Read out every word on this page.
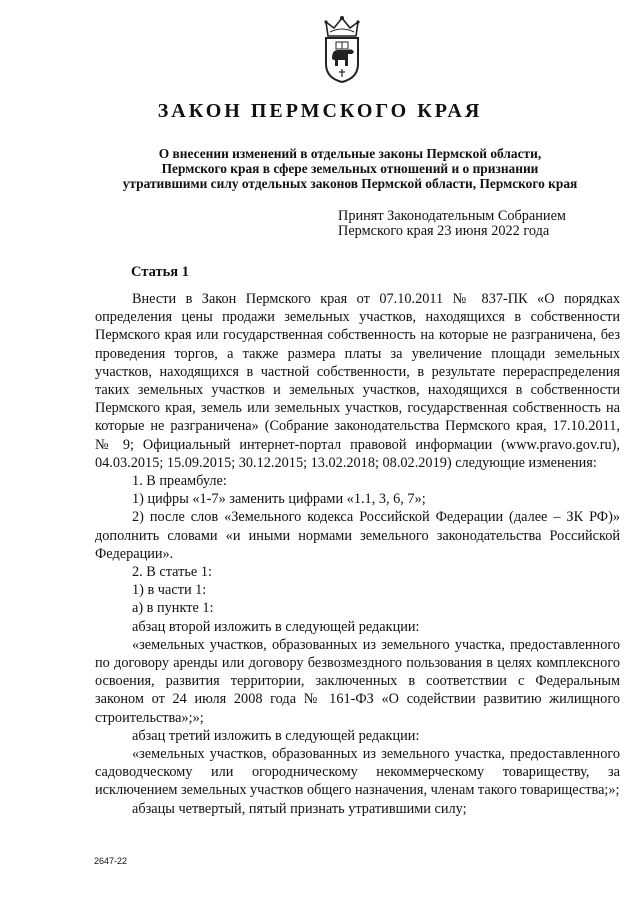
ЗАКОН ПЕРМСКОГО КРАЯ
О внесении изменений в отдельные законы Пермской области,
Пермского края в сфере земельных отношений и о признании
утратившими силу отдельных законов Пермской области, Пермского края
Принят Законодательным Собранием
Пермского края 23 июня 2022 года
Статья 1

Внести в Закон Пермского края от 07.10.2011 № 837-ПК «О порядках определения цены продажи земельных участков, находящихся в собственности Пермского края или государственная собственность на которые не разграничена, без проведения торгов, а также размера платы за увеличение площади земельных участков, находящихся в частной собственности, в результате перераспределения таких земельных участков и земельных участков, находящихся в собственности Пермского края, земель или земельных участков, государственная собственность на которые не разграничена» (Собрание законодательства Пермского края, 17.10.2011, № 9; Официальный интернет-портал правовой информации (www.pravo.gov.ru), 04.03.2015; 15.09.2015; 30.12.2015; 13.02.2018; 08.02.2019) следующие изменения:

1. В преамбуле:

1) цифры «1-7» заменить цифрами «1.1, 3, 6, 7»;

2) после слов «Земельного кодекса Российской Федерации (далее – ЗК РФ)» дополнить словами «и иными нормами земельного законодательства Российской Федерации».

2. В статье 1:

1) в части 1:

а) в пункте 1:

абзац второй изложить в следующей редакции:

«земельных участков, образованных из земельного участка, предоставленного по договору аренды или договору безвозмездного пользования в целях комплексного освоения, развития территории, заключенных в соответствии с Федеральным законом от 24 июля 2008 года № 161-ФЗ «О содействии развитию жилищного строительства»;»;

абзац третий изложить в следующей редакции:

«земельных участков, образованных из земельного участка, предоставленного садоводческому или огородническому некоммерческому товариществу, за исключением земельных участков общего назначения, членам такого товарищества;»;

абзацы четвертый, пятый признать утратившими силу;

2647-22
